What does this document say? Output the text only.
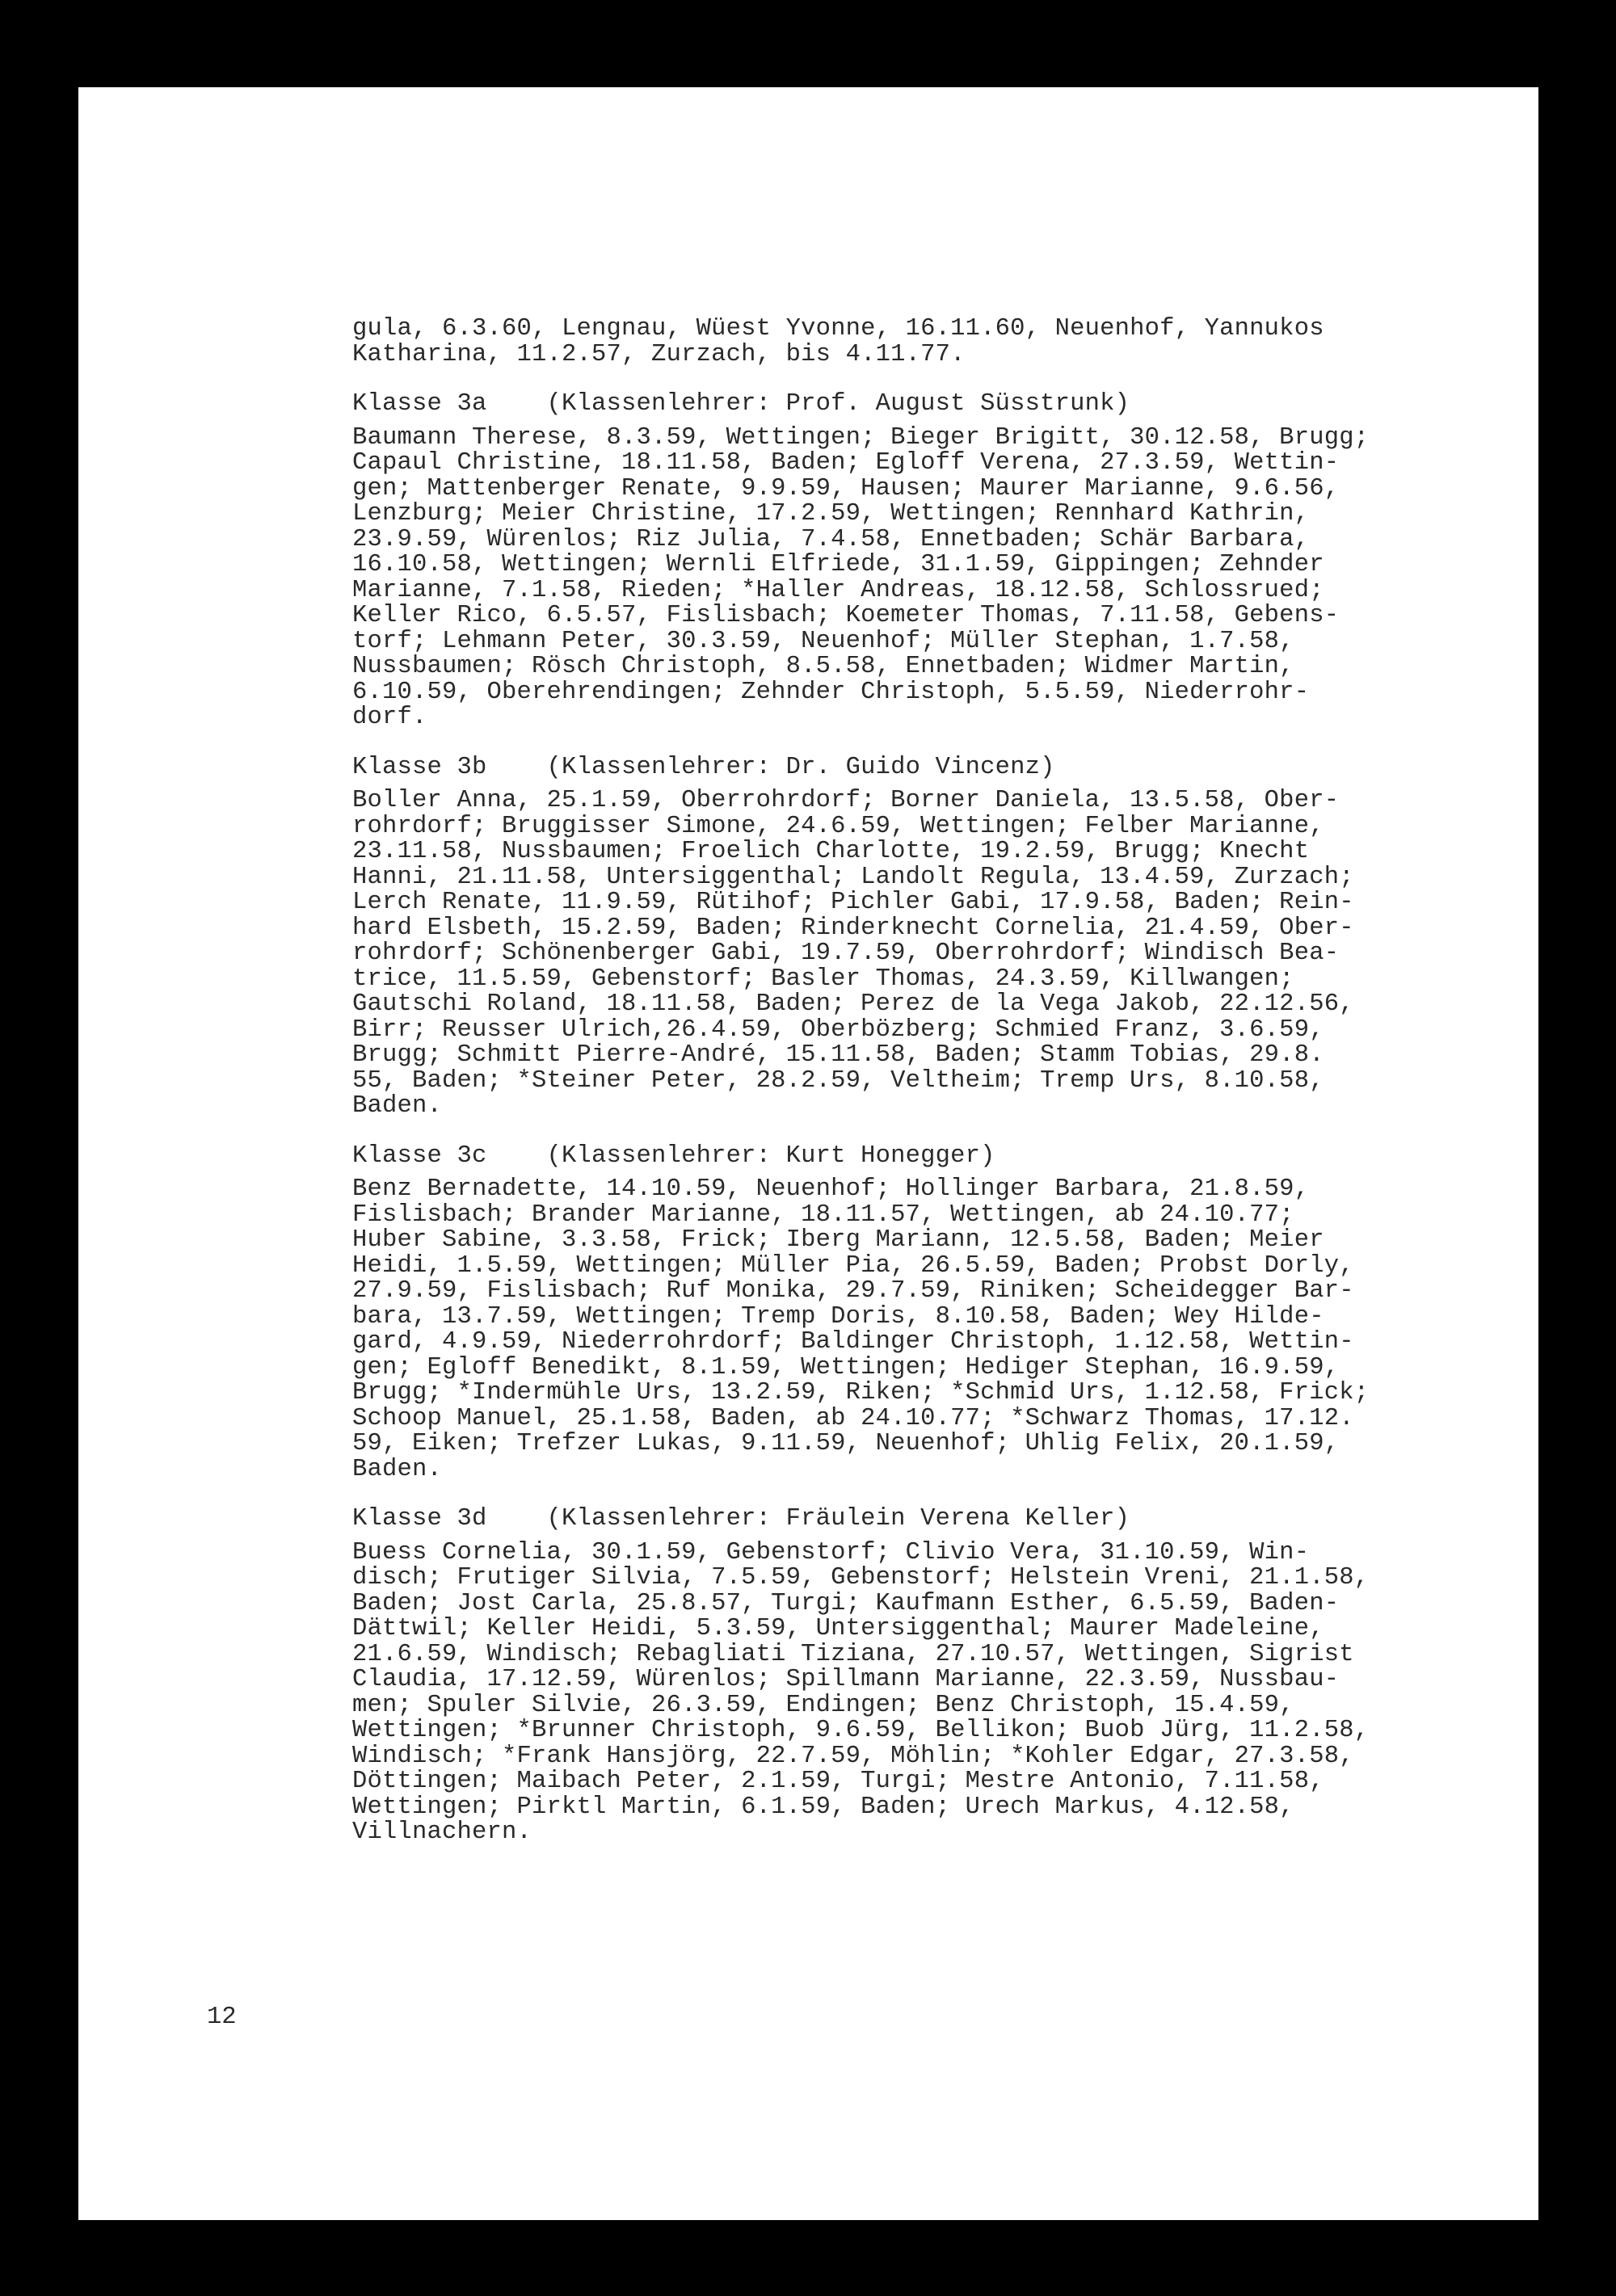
gula, 6.3.60, Lengnau, Wüest Yvonne, 16.11.60, Neuenhof, Yannukos
Katharina, 11.2.57, Zurzach, bis 4.11.77.
Klasse 3a    (Klassenlehrer: Prof. August Süsstrunk)
Baumann Therese, 8.3.59, Wettingen; Bieger Brigitt, 30.12.58, Brugg;
Capaul Christine, 18.11.58, Baden; Egloff Verena, 27.3.59, Wettin-
gen; Mattenberger Renate, 9.9.59, Hausen; Maurer Marianne, 9.6.56,
Lenzburg; Meier Christine, 17.2.59, Wettingen; Rennhard Kathrin,
23.9.59, Würenlos; Riz Julia, 7.4.58, Ennetbaden; Schär Barbara,
16.10.58, Wettingen; Wernli Elfriede, 31.1.59, Gippingen; Zehnder
Marianne, 7.1.58, Rieden; *Haller Andreas, 18.12.58, Schlossrued;
Keller Rico, 6.5.57, Fislisbach; Koemeter Thomas, 7.11.58, Gebens-
torf; Lehmann Peter, 30.3.59, Neuenhof; Müller Stephan, 1.7.58,
Nussbaumen; Rösch Christoph, 8.5.58, Ennetbaden; Widmer Martin,
6.10.59, Oberehrendingen; Zehnder Christoph, 5.5.59, Niederrohr-
dorf.
Klasse 3b    (Klassenlehrer: Dr. Guido Vincenz)
Boller Anna, 25.1.59, Oberrohrdorf; Borner Daniela, 13.5.58, Ober-
rohrdorf; Bruggisser Simone, 24.6.59, Wettingen; Felber Marianne,
23.11.58, Nussbaumen; Froelich Charlotte, 19.2.59, Brugg; Knecht
Hanni, 21.11.58, Untersiggenthal; Landolt Regula, 13.4.59, Zurzach;
Lerch Renate, 11.9.59, Rütihof; Pichler Gabi, 17.9.58, Baden; Rein-
hard Elsbeth, 15.2.59, Baden; Rinderknecht Cornelia, 21.4.59, Ober-
rohrdorf; Schönenberger Gabi, 19.7.59, Oberrohrdorf; Windisch Bea-
trice, 11.5.59, Gebenstorf; Basler Thomas, 24.3.59, Killwangen;
Gautschi Roland, 18.11.58, Baden; Perez de la Vega Jakob, 22.12.56,
Birr; Reusser Ulrich,26.4.59, Oberbözberg; Schmied Franz, 3.6.59,
Brugg; Schmitt Pierre-André, 15.11.58, Baden; Stamm Tobias, 29.8.
55, Baden; *Steiner Peter, 28.2.59, Veltheim; Tremp Urs, 8.10.58,
Baden.
Klasse 3c    (Klassenlehrer: Kurt Honegger)
Benz Bernadette, 14.10.59, Neuenhof; Hollinger Barbara, 21.8.59,
Fislisbach; Brander Marianne, 18.11.57, Wettingen, ab 24.10.77;
Huber Sabine, 3.3.58, Frick; Iberg Mariann, 12.5.58, Baden; Meier
Heidi, 1.5.59, Wettingen; Müller Pia, 26.5.59, Baden; Probst Dorly,
27.9.59, Fislisbach; Ruf Monika, 29.7.59, Riniken; Scheidegger Bar-
bara, 13.7.59, Wettingen; Tremp Doris, 8.10.58, Baden; Wey Hilde-
gard, 4.9.59, Niederrohrdorf; Baldinger Christoph, 1.12.58, Wettin-
gen; Egloff Benedikt, 8.1.59, Wettingen; Hediger Stephan, 16.9.59,
Brugg; *Indermühle Urs, 13.2.59, Riken; *Schmid Urs, 1.12.58, Frick;
Schoop Manuel, 25.1.58, Baden, ab 24.10.77; *Schwarz Thomas, 17.12.
59, Eiken; Trefzer Lukas, 9.11.59, Neuenhof; Uhlig Felix, 20.1.59,
Baden.
Klasse 3d    (Klassenlehrer: Fräulein Verena Keller)
Buess Cornelia, 30.1.59, Gebenstorf; Clivio Vera, 31.10.59, Win-
disch; Frutiger Silvia, 7.5.59, Gebenstorf; Helstein Vreni, 21.1.58,
Baden; Jost Carla, 25.8.57, Turgi; Kaufmann Esther, 6.5.59, Baden-
Dättwil; Keller Heidi, 5.3.59, Untersiggenthal; Maurer Madeleine,
21.6.59, Windisch; Rebagliati Tiziana, 27.10.57, Wettingen, Sigrist
Claudia, 17.12.59, Würenlos; Spillmann Marianne, 22.3.59, Nussbau-
men; Spuler Silvie, 26.3.59, Endingen; Benz Christoph, 15.4.59,
Wettingen; *Brunner Christoph, 9.6.59, Bellikon; Buob Jürg, 11.2.58,
Windisch; *Frank Hansjörg, 22.7.59, Möhlin; *Kohler Edgar, 27.3.58,
Döttingen; Maibach Peter, 2.1.59, Turgi; Mestre Antonio, 7.11.58,
Wettingen; Pirktl Martin, 6.1.59, Baden; Urech Markus, 4.12.58,
Villnachern.
12
